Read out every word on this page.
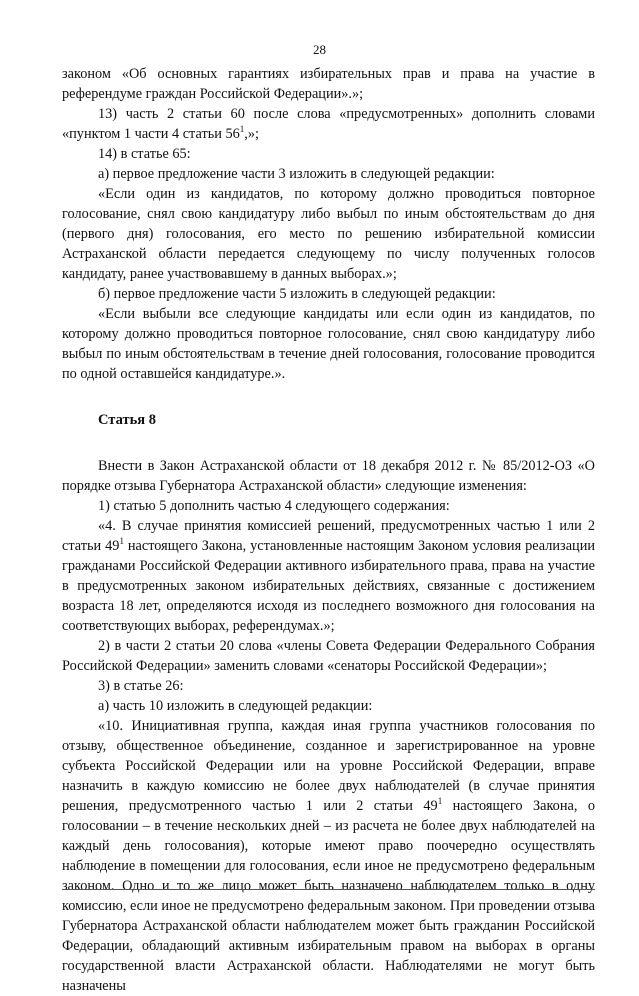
28

законом «Об основных гарантиях избирательных прав и права на участие в референдуме граждан Российской Федерации».»;

13) часть 2 статьи 60 после слова «предусмотренных» дополнить словами «пунктом 1 части 4 статьи $56^1$,»;

14) в статье 65:

а) первое предложение части 3 изложить в следующей редакции:

«Если один из кандидатов, по которому должно проводиться повторное голосование, снял свою кандидатуру либо выбыл по иным обстоятельствам до дня (первого дня) голосования, его место по решению избирательной комиссии Астраханской области передается следующему по числу полученных голосов кандидату, ранее участвовавшему в данных выборах.»;

б) первое предложение части 5 изложить в следующей редакции:

«Если выбыли все следующие кандидаты или если один из кандидатов, по которому должно проводиться повторное голосование, снял свою кандидатуру либо выбыл по иным обстоятельствам в течение дней голосования, голосование проводится по одной оставшейся кандидатуре.».

Статья 8

Внести в Закон Астраханской области от 18 декабря 2012 г. № 85/2012-ОЗ «О порядке отзыва Губернатора Астраханской области» следующие изменения:

1) статью 5 дополнить частью 4 следующего содержания:

«4. В случае принятия комиссией решений, предусмотренных частью 1 или 2 статьи $49^1$ настоящего Закона, установленные настоящим Законом условия реализации гражданами Российской Федерации активного избирательного права, права на участие в предусмотренных законом избирательных действиях, связанные с достижением возраста 18 лет, определяются исходя из последнего возможного дня голосования на соответствующих выборах, референдумах.»;

2) в части 2 статьи 20 слова «члены Совета Федерации Федерального Собрания Российской Федерации» заменить словами «сенаторы Российской Федерации»;

3) в статье 26:

а) часть 10 изложить в следующей редакции:

«10. Инициативная группа, каждая иная группа участников голосования по отзыву, общественное объединение, созданное и зарегистрированное на уровне субъекта Российской Федерации или на уровне Российской Федерации, вправе назначить в каждую комиссию не более двух наблюдателей (в случае принятия решения, предусмотренного частью 1 или 2 статьи $49^1$ настоящего Закона, о голосовании – в течение нескольких дней – из расчета не более двух наблюдателей на каждый день голосования), которые имеют право поочередно осуществлять наблюдение в помещении для голосования, если иное не предусмотрено федеральным законом. Одно и то же лицо может быть назначено наблюдателем только в одну комиссию, если иное не предусмотрено федеральным законом. При проведении отзыва Губернатора Астраханской области наблюдателем может быть гражданин Российской Федерации, обладающий активным избирательным правом на выборах в органы государственной власти Астраханской области. Наблюдателями не могут быть назначены
